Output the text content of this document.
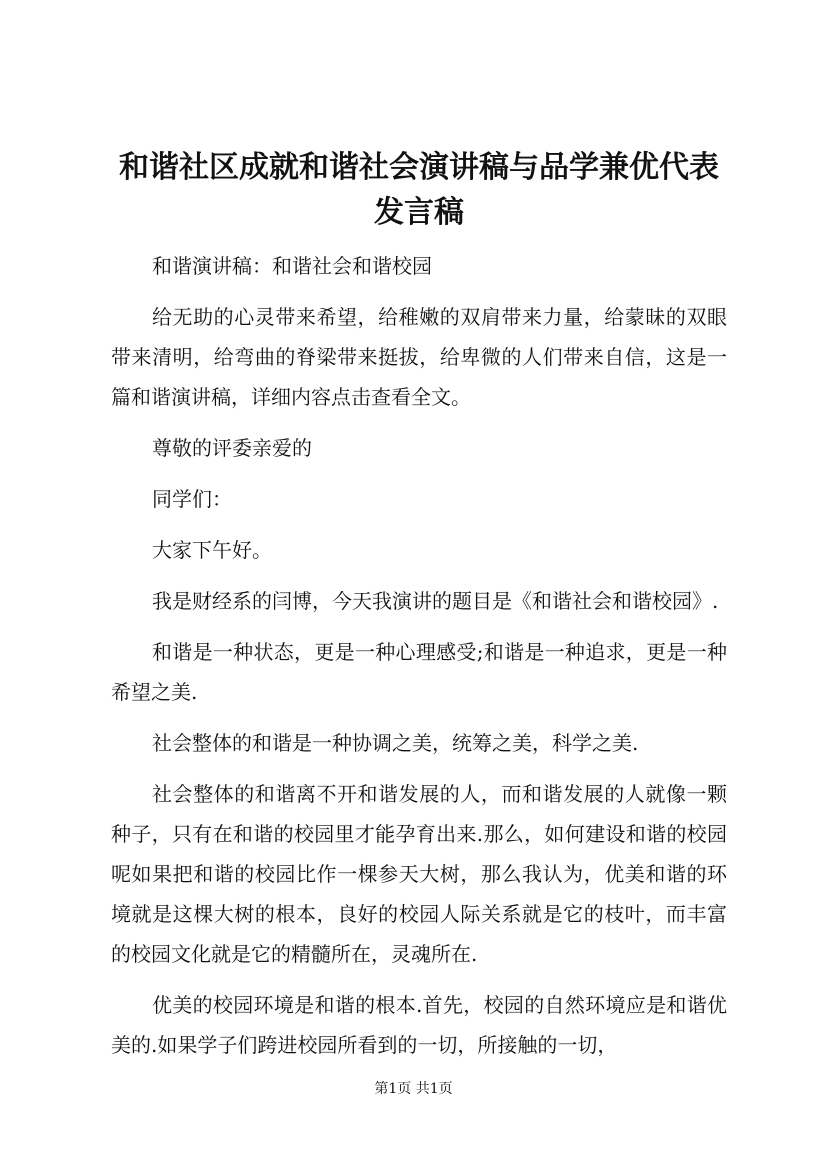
和谐社区成就和谐社会演讲稿与品学兼优代表发言稿

和谐演讲稿：和谐社会和谐校园

给无助的心灵带来希望，给稚嫩的双肩带来力量，给蒙昧的双眼带来清明，给弯曲的脊梁带来挺拔，给卑微的人们带来自信，这是一篇和谐演讲稿，详细内容点击查看全文。

尊敬的评委亲爱的

同学们：

大家下午好。

我是财经系的闫博，今天我演讲的题目是《和谐社会和谐校园》.

和谐是一种状态，更是一种心理感受;和谐是一种追求，更是一种希望之美.

社会整体的和谐是一种协调之美，统筹之美，科学之美.

社会整体的和谐离不开和谐发展的人，而和谐发展的人就像一颗种子，只有在和谐的校园里才能孕育出来.那么，如何建设和谐的校园呢如果把和谐的校园比作一棵参天大树，那么我认为，优美和谐的环境就是这棵大树的根本，良好的校园人际关系就是它的枝叶，而丰富的校园文化就是它的精髓所在，灵魂所在.

优美的校园环境是和谐的根本.首先，校园的自然环境应是和谐优美的.如果学子们跨进校园所看到的一切，所接触的一切，

第1页 共1页
